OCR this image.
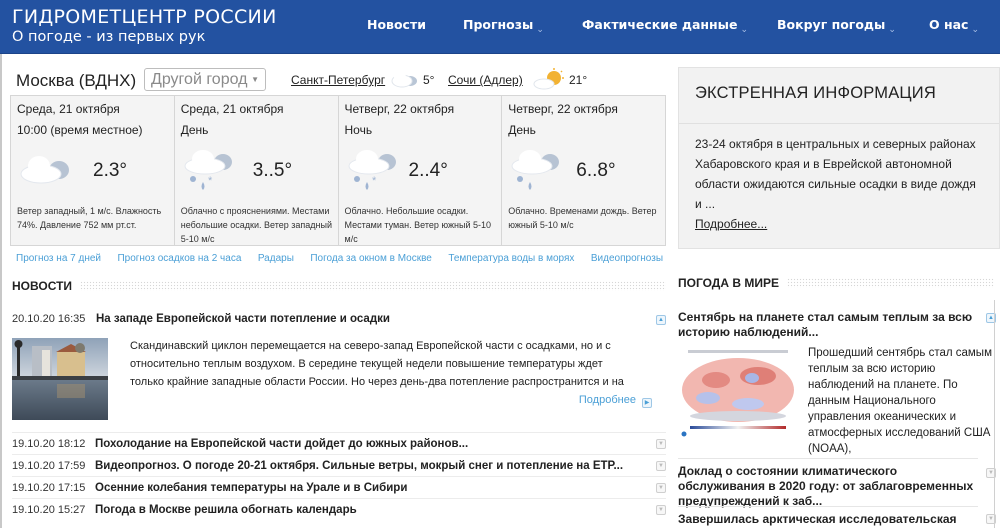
ГИДРОМЕТЦЕНТР РОССИИ
О погоде - из первых рук
Новости	Прогнозы $_⌄$	Фактические данные $_⌄$ Вокруг погоды $_⌄$	О нас $_⌄$
Москва (ВДНХ) Другой город ▼	Санкт-Петербург	5° Сочи (Адлер)	21°
Среда, 21 октября
10:00 (время местное)
2.3°
Ветер западный, 1 м/с. Влажность 74%. Давление 752 мм рт.ст.
Среда, 21 октября
День
* 3..5°
Облачно с прояснениями. Местами небольшие осадки. Ветер западный 5-10 м/с
Четверг, 22 октября
Ночь
* 2..4°
Облачно. Небольшие осадки. Местами туман. Ветер южный 5-10 м/с
Четверг, 22 октября
День
6..8°
Облачно. Временами дождь. Ветер южный 5-10 м/с
Прогноз на 7 дней Прогноз осадков на 2 часа Радары Погода за окном в Москве Температура воды в морях Видеопрогнозы
НОВОСТИ
20.10.20 16:35 На западе Европейской части потепление и осадки	▲
Скандинавский циклон перемещается на северо-запад Европейской части с осадками, но и с относительно теплым воздухом. В середине текущей недели повышение температуры ждет только крайние западные области России. Но через день-два потепление распространится и на
Подробнее ▶
19.10.20 18:12 Похолодание на Европейской части дойдет до южных районов...	▼
19.10.20 17:59 Видеопрогноз. О погоде 20-21 октября. Сильные ветры, мокрый снег и потепление на ЕТР...	▼
19.10.20 17:15 Осенние колебания температуры на Урале и в Сибири	▼
19.10.20 15:27 Погода в Москве решила обогнать календарь	▼
ЭКСТРЕННАЯ ИНФОРМАЦИЯ
23-24 октября в центральных и северных районах Хабаровского края и в Еврейской автономной области ожидаются сильные осадки в виде дождя и ...
Подробнее...
ПОГОДА В МИРЕ
Сентябрь на планете стал самым теплым за всю историю наблюдений...
▲
Прошедший сентябрь стал самым теплым за всю историю наблюдений на планете. По данным Национального управления океанических и атмосферных исследований США (NOAA),
Доклад о состоянии климатического обслуживания в 2020 году: от заблаговременных предупреждений к заб...
▼
Завершилась арктическая исследовательская	▼
